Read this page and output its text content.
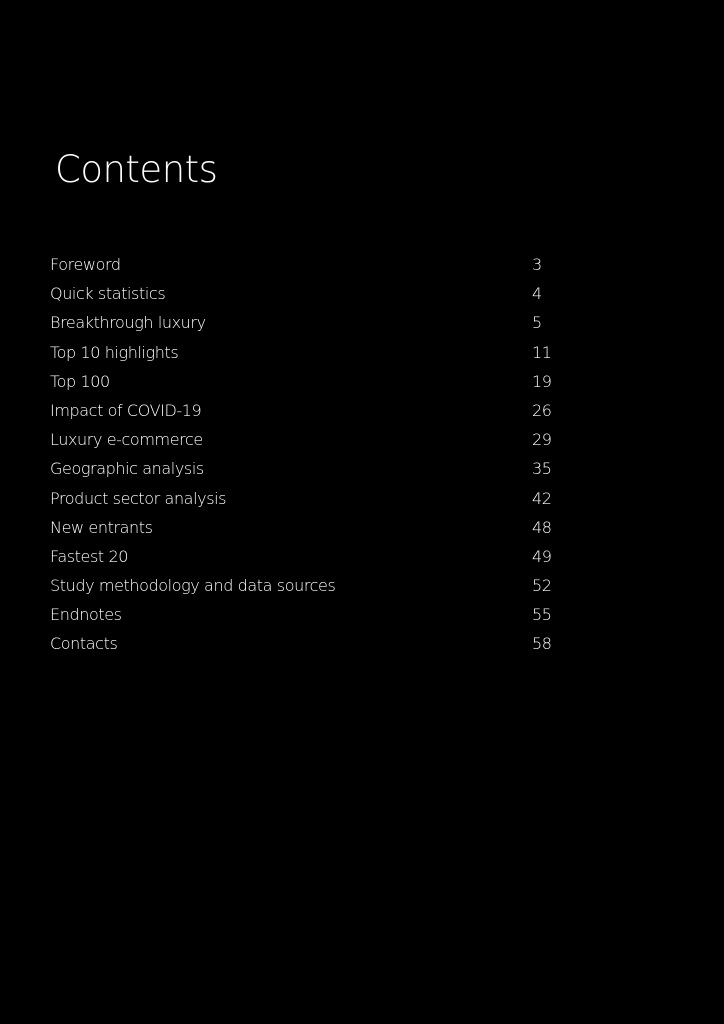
Contents
Foreword	3
Quick statistics	4
Breakthrough luxury	5
Top 10 highlights	11
Top 100	19
Impact of COVID-19	26
Luxury e-commerce	29
Geographic analysis	35
Product sector analysis	42
New entrants	48
Fastest 20	49
Study methodology and data sources	52
Endnotes	55
Contacts	58
